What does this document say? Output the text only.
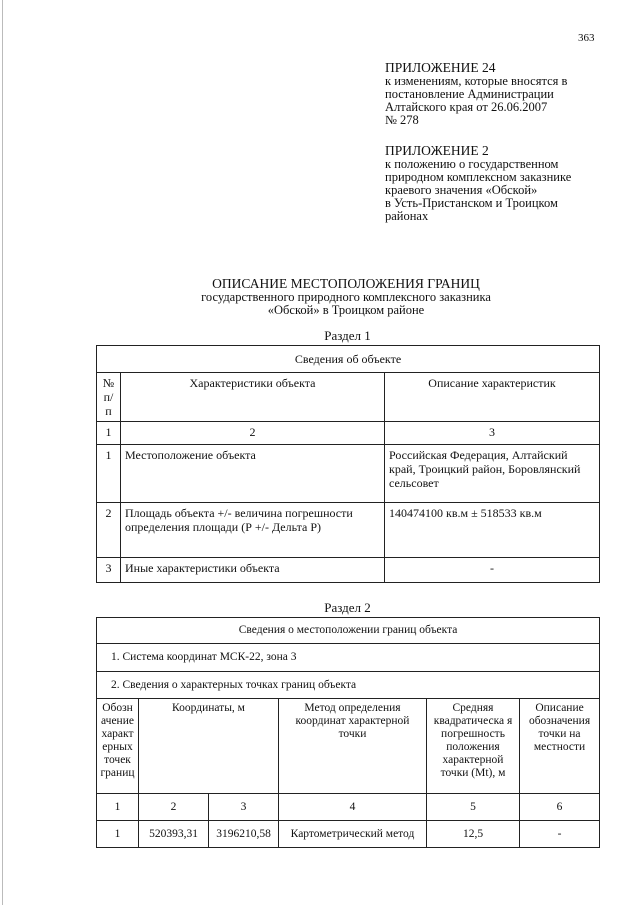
363
ПРИЛОЖЕНИЕ 24
к изменениям, которые вносятся в
постановление Администрации
Алтайского края от 26.06.2007
№ 278
ПРИЛОЖЕНИЕ 2
к положению о государственном
природном комплексном заказнике
краевого значения «Обской»
в Усть-Пристанском и Троицком
районах
ОПИСАНИЕ МЕСТОПОЛОЖЕНИЯ ГРАНИЦ
государственного природного комплексного заказника
«Обской» в Троицком районе
Раздел 1
Сведения об объекте		
№ п/п	Характеристики объекта	Описание характеристик
1	2	3
1	Местоположение объекта	Российская Федерация, Алтайский край, Троицкий район, Боровлянский сельсовет
2	Площадь объекта +/- величина погрешности определения площади (Р +/- Дельта Р)	140474100 кв.м ± 518533 кв.м
3	Иные характеристики объекта	-
Раздел 2
Сведения о местоположении границ объекта					
1. Система координат МСК-22, зона 3					
2. Сведения о характерных точках границ объекта					
Обозн ачение характ ерных точек границ	Координаты, м		Метод определения координат характерной точки	Средняя квадратическа я погрешность положения характерной точки (Mt), м	Описание обозначения точки на местности
1	2	3	4	5	6
1	520393,31	3196210,58	Картометрический метод	12,5	-
